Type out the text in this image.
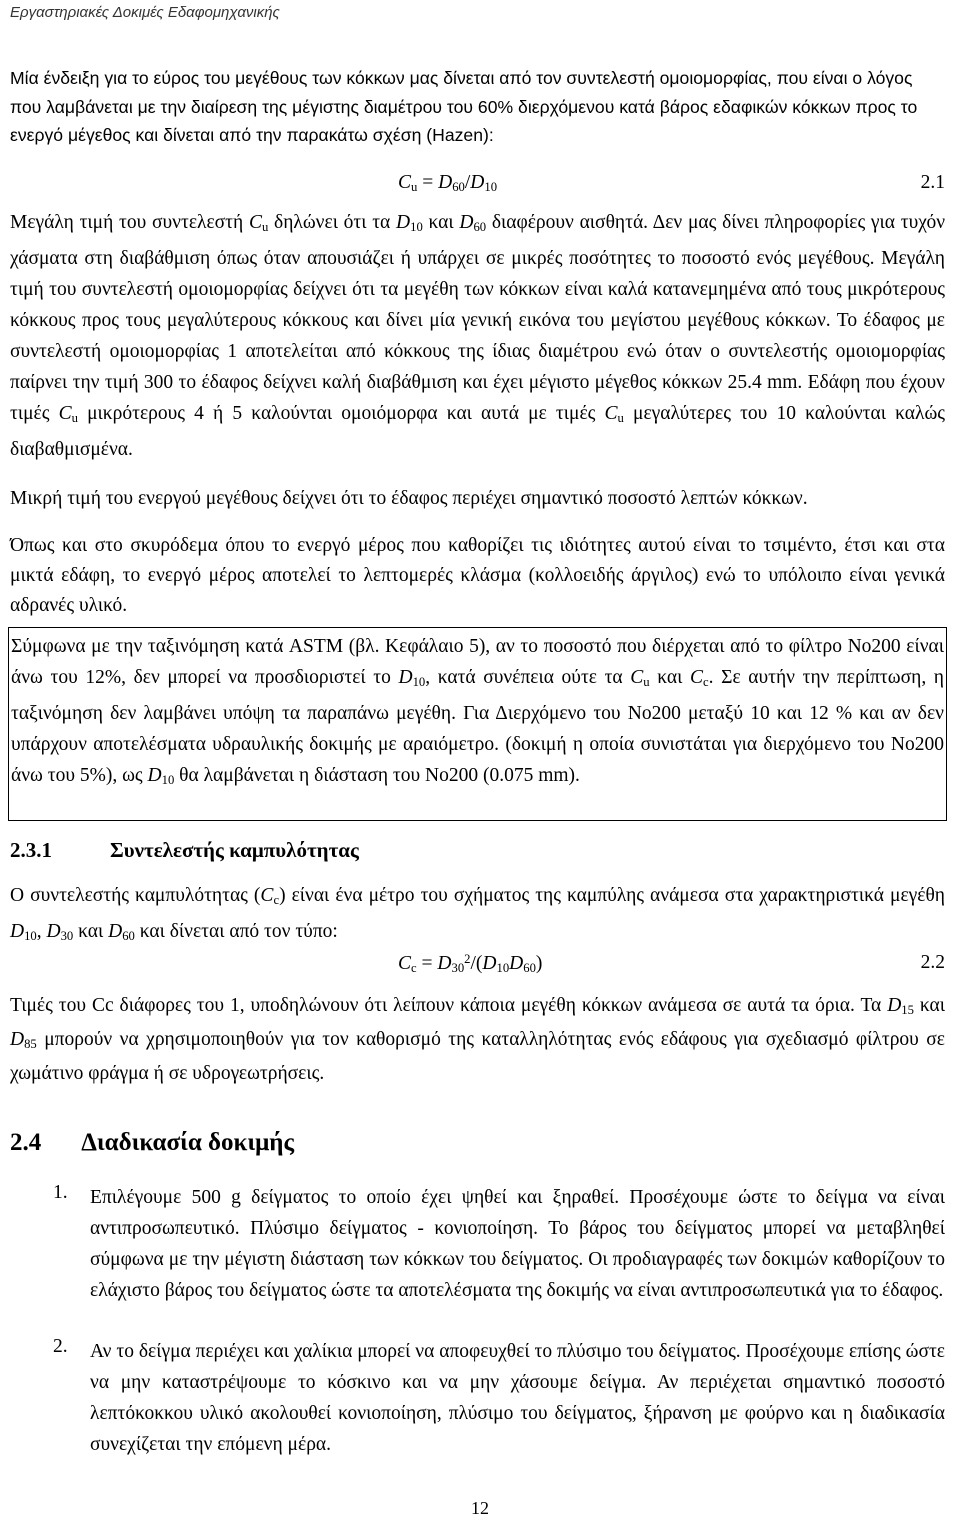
Εργαστηριακές Δοκιμές Εδαφομηχανικής
Μία ένδειξη για το εύρος του μεγέθους των κόκκων μας δίνεται από τον συντελεστή ομοιομορφίας, που είναι ο λόγος που λαμβάνεται με την διαίρεση της μέγιστης διαμέτρου του 60% διερχόμενου κατά βάρος εδαφικών κόκκων προς το ενεργό μέγεθος και δίνεται από την παρακάτω σχέση (Hazen):
$C_u = D_{60}/D_{10}$	2.1
Μεγάλη τιμή του συντελεστή $C_u$ δηλώνει ότι τα $D_{10}$ και $D_{60}$ διαφέρουν αισθητά. Δεν μας δίνει πληροφορίες για τυχόν χάσματα στη διαβάθμιση όπως όταν απουσιάζει ή υπάρχει σε μικρές ποσότητες το ποσοστό ενός μεγέθους. Μεγάλη τιμή του συντελεστή ομοιομορφίας δείχνει ότι τα μεγέθη των κόκκων είναι καλά κατανεμημένα από τους μικρότερους κόκκους προς τους μεγαλύτερους κόκκους και δίνει μία γενική εικόνα του μεγίστου μεγέθους κόκκων. Το έδαφος με συντελεστή ομοιομορφίας 1 αποτελείται από κόκκους της ίδιας διαμέτρου ενώ όταν ο συντελεστής ομοιομορφίας παίρνει την τιμή 300 το έδαφος δείχνει καλή διαβάθμιση και έχει μέγιστο μέγεθος κόκκων 25.4 mm. Εδάφη που έχουν τιμές $C_u$ μικρότερους 4 ή 5 καλούνται ομοιόμορφα και αυτά με τιμές $C_u$ μεγαλύτερες του 10 καλούνται καλώς διαβαθμισμένα.
Μικρή τιμή του ενεργού μεγέθους δείχνει ότι το έδαφος περιέχει σημαντικό ποσοστό λεπτών κόκκων.
Όπως και στο σκυρόδεμα όπου το ενεργό μέρος που καθορίζει τις ιδιότητες αυτού είναι το τσιμέντο, έτσι και στα μικτά εδάφη, το ενεργό μέρος αποτελεί το λεπτομερές κλάσμα (κολλοειδής άργιλος) ενώ το υπόλοιπο είναι γενικά αδρανές υλικό.
Σύμφωνα με την ταξινόμηση κατά ASTM (βλ. Κεφάλαιο 5), αν το ποσοστό που διέρχεται από το φίλτρο No200 είναι άνω του 12%, δεν μπορεί να προσδιοριστεί το $D_{10}$, κατά συνέπεια ούτε τα $C_u$ και $C_c$. Σε αυτήν την περίπτωση, η ταξινόμηση δεν λαμβάνει υπόψη τα παραπάνω μεγέθη. Για Διερχόμενο του No200 μεταξύ 10 και 12 % και αν δεν υπάρχουν αποτελέσματα υδραυλικής δοκιμής με αραιόμετρο. (δοκιμή η οποία συνιστάται για διερχόμενο του No200 άνω του 5%), ως $D_{10}$ θα λαμβάνεται η διάσταση του No200 (0.075 mm).
2.3.1	Συντελεστής καμπυλότητας
Ο συντελεστής καμπυλότητας $(C_c)$ είναι ένα μέτρο του σχήματος της καμπύλης ανάμεσα στα χαρακτηριστικά μεγέθη $D_{10}$, $D_{30}$ και $D_{60}$ και δίνεται από τον τύπο:
$C_c = D_{30}^2/(D_{10}D_{60})$	2.2
Τιμές του Cc διάφορες του 1, υποδηλώνουν ότι λείπουν κάποια μεγέθη κόκκων ανάμεσα σε αυτά τα όρια. Τα $D_{15}$ και $D_{85}$ μπορούν να χρησιμοποιηθούν για τον καθορισμό της καταλληλότητας ενός εδάφους για σχεδιασμό φίλτρου σε χωμάτινο φράγμα ή σε υδρογεωτρήσεις.
2.4 Διαδικασία δοκιμής
1. Επιλέγουμε 500 g δείγματος το οποίο έχει ψηθεί και ξηραθεί. Προσέχουμε ώστε το δείγμα να είναι αντιπροσωπευτικό. Πλύσιμο δείγματος - κονιοποίηση. Το βάρος του δείγματος μπορεί να μεταβληθεί σύμφωνα με την μέγιστη διάσταση των κόκκων του δείγματος. Οι προδιαγραφές των δοκιμών καθορίζουν το ελάχιστο βάρος του δείγματος ώστε τα αποτελέσματα της δοκιμής να είναι αντιπροσωπευτικά για το έδαφος.
2. Αν το δείγμα περιέχει και χαλίκια μπορεί να αποφευχθεί το πλύσιμο του δείγματος. Προσέχουμε επίσης ώστε να μην καταστρέψουμε το κόσκινο και να μην χάσουμε δείγμα. Αν περιέχεται σημαντικό ποσοστό λεπτόκοκκου υλικό ακολουθεί κονιοποίηση, πλύσιμο του δείγματος, ξήρανση με φούρνο και η διαδικασία συνεχίζεται την επόμενη μέρα.
12
